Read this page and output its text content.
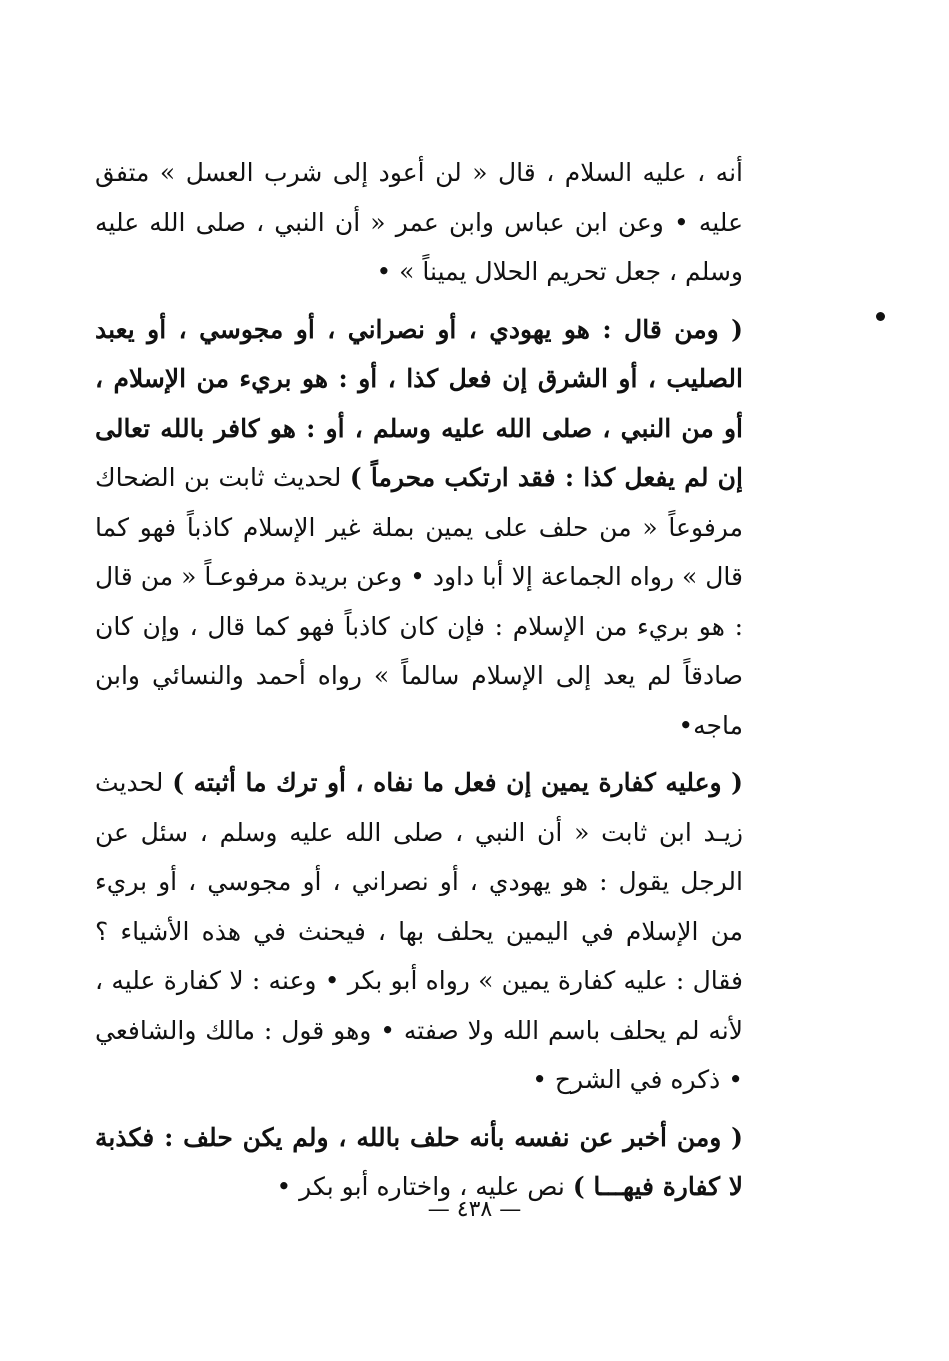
أنه ، عليه السلام ، قال « لن أعود إلى شرب العسل » متفق عليه • وعن ابن عباس وابن عمر « أن النبي ، صلى الله عليه وسلم ، جعل تحريم الحلال يميناً » •

( ومن قال : هو يهودي ، أو نصراني ، أو مجوسي ، أو يعبد الصليب ، أو الشرق إن فعل كذا ، أو : هو بريء من الإسلام ، أو من النبي ، صلى الله عليه وسلم ، أو : هو كافر بالله تعالى إن لم يفعل كذا : فقد ارتكب محرماً ) لحديث ثابت بن الضحاك مرفوعاً « من حلف على يمين بملة غير الإسلام كاذباً فهو كما قال » رواه الجماعة إلا أبا داود • وعن بريدة مرفوعـاً « من قال : هو بريء من الإسلام : فإن كان كاذباً فهو كما قال ، وإن كان صادقاً لم يعد إلى الإسلام سالماً » رواه أحمد والنسائي وابن ماجه•

( وعليه كفارة يمين إن فعل ما نفاه ، أو ترك ما أثبته ) لحديث زيـد ابن ثابت « أن النبي ، صلى الله عليه وسلم ، سئل عن الرجل يقول : هو يهودي ، أو نصراني ، أو مجوسي ، أو بريء من الإسلام في اليمين يحلف بها ، فيحنث في هذه الأشياء ؟ فقال : عليه كفارة يمين » رواه أبو بكر • وعنه : لا كفارة عليه ، لأنه لم يحلف باسم الله ولا صفته • وهو قول : مالك والشافعي • ذكره في الشرح •

( ومن أخبر عن نفسه بأنه حلف بالله ، ولم يكن حلف : فكذبة لا كفارة فيهـــا ) نص عليه ، واختاره أبو بكر •

— ٤٣٨ —
